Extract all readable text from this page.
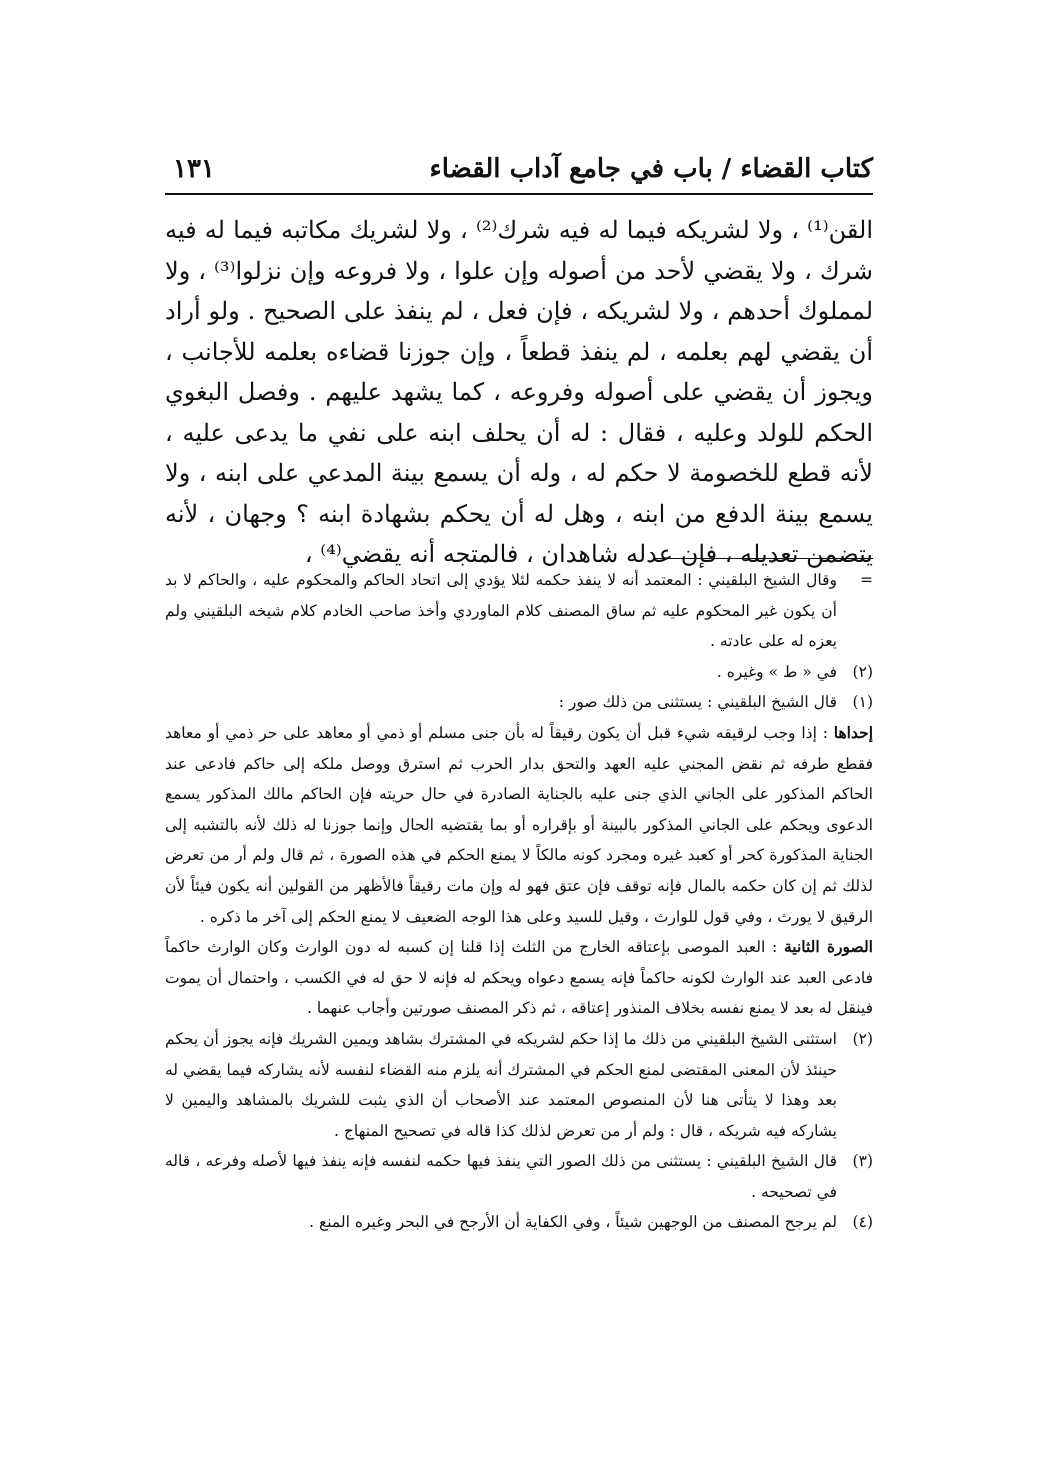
كتاب القضاء / باب في جامع آداب القضاء
١٣١

القن⁽¹⁾ ، ولا لشريكه فيما له فيه شرك⁽²⁾ ، ولا لشريك مكاتبه فيما له فيه شرك ، ولا يقضي لأحد من أصوله وإن علوا ، ولا فروعه وإن نزلوا⁽³⁾ ، ولا لمملوك أحدهم ، ولا لشريكه ، فإن فعل ، لم ينفذ على الصحيح . ولو أراد أن يقضي لهم بعلمه ، لم ينفذ قطعاً ، وإن جوزنا قضاءه بعلمه للأجانب ، ويجوز أن يقضي على أصوله وفروعه ، كما يشهد عليهم . وفصل البغوي الحكم للولد وعليه ، فقال : له أن يحلف ابنه على نفي ما يدعى عليه ، لأنه قطع للخصومة لا حكم له ، وله أن يسمع بينة المدعي على ابنه ، ولا يسمع بينة الدفع من ابنه ، وهل له أن يحكم بشهادة ابنه ؟ وجهان ، لأنه يتضمن تعديله ، فإن عدله شاهدان ، فالمتجه أنه يقضي⁽⁴⁾ ،

=

وقال الشيخ البلقيني : المعتمد أنه لا ينفذ حكمه لئلا يؤدي إلى اتحاد الحاكم والمحكوم عليه ، والحاكم لا بد أن يكون غير المحكوم عليه ثم ساق المصنف كلام الماوردي وأخذ صاحب الخادم كلام شيخه البلقيني ولم يعزه له على عادته .

(٢)

في « ط » وغيره .

(١)

قال الشيخ البلقيني : يستثنى من ذلك صور :

إحداها : إذا وجب لرقيقه شيء قبل أن يكون رقيقاً له بأن جنى مسلم أو ذمي أو معاهد على حر ذمي أو معاهد فقطع طرفه ثم نقض المجني عليه العهد والتحق بدار الحرب ثم استرق ووصل ملكه إلى حاكم فادعى عند الحاكم المذكور على الجاني الذي جنى عليه بالجناية الصادرة في حال حريته فإن الحاكم مالك المذكور يسمع الدعوى ويحكم على الجاني المذكور بالبينة أو بإقراره أو بما يقتضيه الحال وإنما جوزنا له ذلك لأنه بالتشبه إلى الجناية المذكورة كحر أو كعبد غيره ومجرد كونه مالكاً لا يمنع الحكم في هذه الصورة ، ثم قال ولم أر من تعرض لذلك ثم إن كان حكمه بالمال فإنه توقف فإن عتق فهو له وإن مات رقيقاً فالأظهر من القولين أنه يكون فيئاً لأن الرقيق لا يورث ، وفي قول للوارث ، وقيل للسيد وعلى هذا الوجه الضعيف لا يمنع الحكم إلى آخر ما ذكره .

الصورة الثانية : العبد الموصى بإعتاقه الخارج من الثلث إذا قلنا إن كسبه له دون الوارث وكان الوارث حاكماً فادعى العبد عند الوارث لكونه حاكماً فإنه يسمع دعواه ويحكم له فإنه لا حق له في الكسب ، واحتمال أن يموت فينقل له بعد لا يمنع نفسه بخلاف المنذور إعتاقه ، ثم ذكر المصنف صورتين وأجاب عنهما .

(٢)

استثنى الشيخ البلقيني من ذلك ما إذا حكم لشريكه في المشترك بشاهد ويمين الشريك فإنه يجوز أن يحكم حينئذ لأن المعنى المقتضى لمنع الحكم في المشترك أنه يلزم منه القضاء لنفسه لأنه يشاركه فيما يقضي له بعد وهذا لا يتأتى هنا لأن المنصوص المعتمد عند الأصحاب أن الذي يثبت للشريك بالمشاهد واليمين لا يشاركه فيه شريكه ، قال : ولم أر من تعرض لذلك كذا قاله في تصحيح المنهاج .

(٣)

قال الشيخ البلقيني : يستثنى من ذلك الصور التي ينفذ فيها حكمه لنفسه فإنه ينفذ فيها لأصله وفرعه ، قاله في تصحيحه .

(٤)

لم يرجح المصنف من الوجهين شيئاً ، وفي الكفاية أن الأرجح في البحر وغيره المنع .
